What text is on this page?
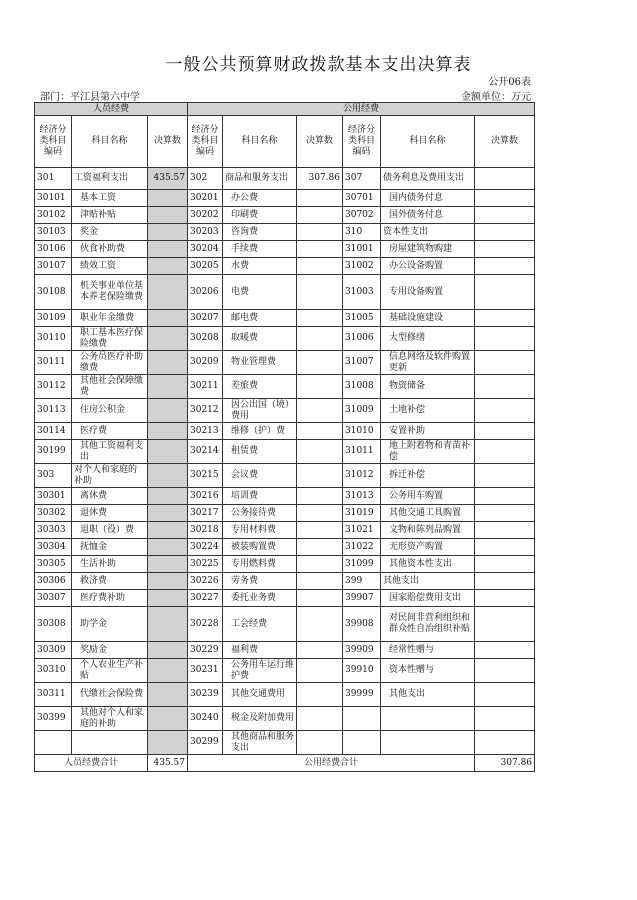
一般公共预算财政拨款基本支出决算表
公开06表
部门：平江县第六中学	金额单位：万元
人员经费			公用经费					
经济分类科目编码	科目名称	决算数	经济分类科目编码	科目名称	决算数	经济分类科目编码	科目名称	决算数
301	工资福利支出	435.57	302	商品和服务支出	307.86	307	债务利息及费用支出	
30101	基本工资		30201	办公费		30701	国内债务付息	
30102	津贴补贴		30202	印刷费		30702	国外债务付息	
30103	奖金		30203	咨询费		310	资本性支出	
30106	伙食补助费		30204	手续费		31001	房屋建筑物购建	
30107	绩效工资		30205	水费		31002	办公设备购置	
30108	机关事业单位基本养老保险缴费		30206	电费		31003	专用设备购置	
30109	职业年金缴费		30207	邮电费		31005	基础设施建设	
30110	职工基本医疗保险缴费		30208	取暖费		31006	大型修缮	
30111	公务员医疗补助缴费		30209	物业管理费		31007	信息网络及软件购置更新	
30112	其他社会保障缴费		30211	差旅费		31008	物资储备	
30113	住房公积金		30212	因公出国（境）费用		31009	土地补偿	
30114	医疗费		30213	维修（护）费		31010	安置补助	
30199	其他工资福利支出		30214	租赁费		31011	地上附着物和青苗补偿	
303	对个人和家庭的补助		30215	会议费		31012	拆迁补偿	
30301	离休费		30216	培训费		31013	公务用车购置	
30302	退休费		30217	公务接待费		31019	其他交通工具购置	
30303	退职（役）费		30218	专用材料费		31021	文物和陈列品购置	
30304	抚恤金		30224	被装购置费		31022	无形资产购置	
30305	生活补助		30225	专用燃料费		31099	其他资本性支出	
30306	救济费		30226	劳务费		399	其他支出	
30307	医疗费补助		30227	委托业务费		39907	国家赔偿费用支出	
30308	助学金		30228	工会经费		39908	对民间非营利组织和群众性自治组织补贴	
30309	奖励金		30229	福利费		39909	经常性赠与	
30310	个人农业生产补贴		30231	公务用车运行维护费		39910	资本性赠与	
30311	代缴社会保险费		30239	其他交通费用		39999	其他支出	
30399	其他对个人和家庭的补助		30240	税金及附加费用				
			30299	其他商品和服务支出				
人员经费合计		435.57	公用经费合计					307.86
